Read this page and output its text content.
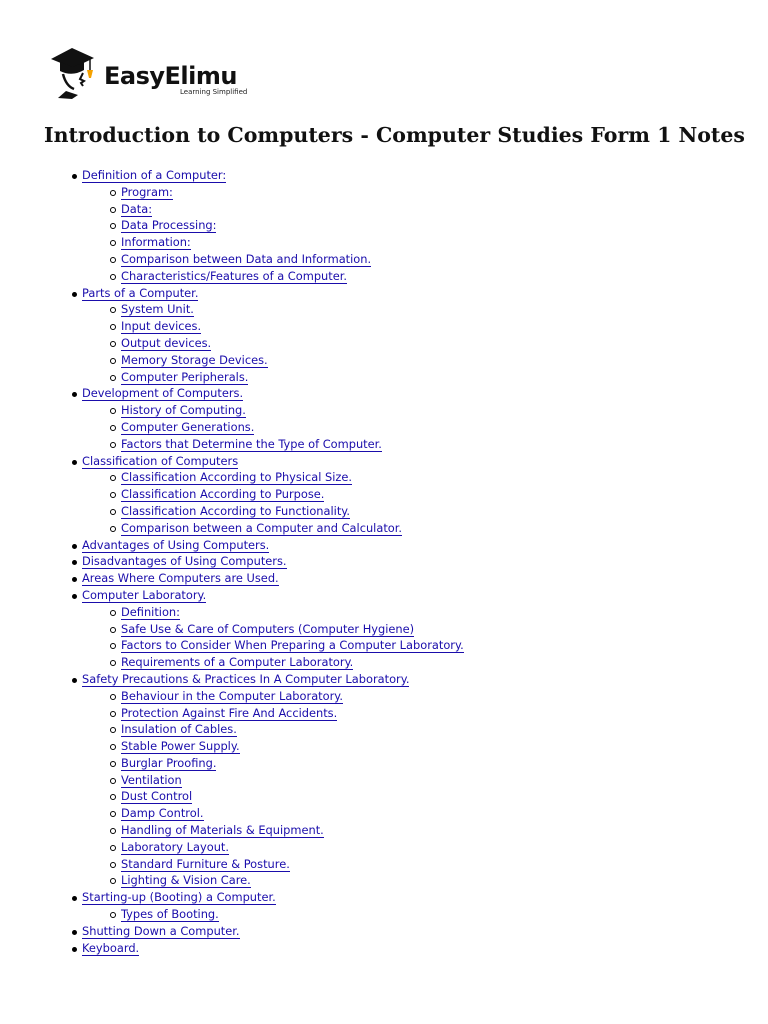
EasyElimu
Learning Simplified
Introduction to Computers - Computer Studies Form 1 Notes
Definition of a Computer:
Program:
Data:
Data Processing:
Information:
Comparison between Data and Information.
Characteristics/Features of a Computer.
Parts of a Computer.
System Unit.
Input devices.
Output devices.
Memory Storage Devices.
Computer Peripherals.
Development of Computers.
History of Computing.
Computer Generations.
Factors that Determine the Type of Computer.
Classification of Computers
Classification According to Physical Size.
Classification According to Purpose.
Classification According to Functionality.
Comparison between a Computer and Calculator.
Advantages of Using Computers.
Disadvantages of Using Computers.
Areas Where Computers are Used.
Computer Laboratory.
Definition:
Safe Use & Care of Computers (Computer Hygiene)
Factors to Consider When Preparing a Computer Laboratory.
Requirements of a Computer Laboratory.
Safety Precautions & Practices In A Computer Laboratory.
Behaviour in the Computer Laboratory.
Protection Against Fire And Accidents.
Insulation of Cables.
Stable Power Supply.
Burglar Proofing.
Ventilation
Dust Control
Damp Control.
Handling of Materials & Equipment.
Laboratory Layout.
Standard Furniture & Posture.
Lighting & Vision Care.
Starting-up (Booting) a Computer.
Types of Booting.
Shutting Down a Computer.
Keyboard.
